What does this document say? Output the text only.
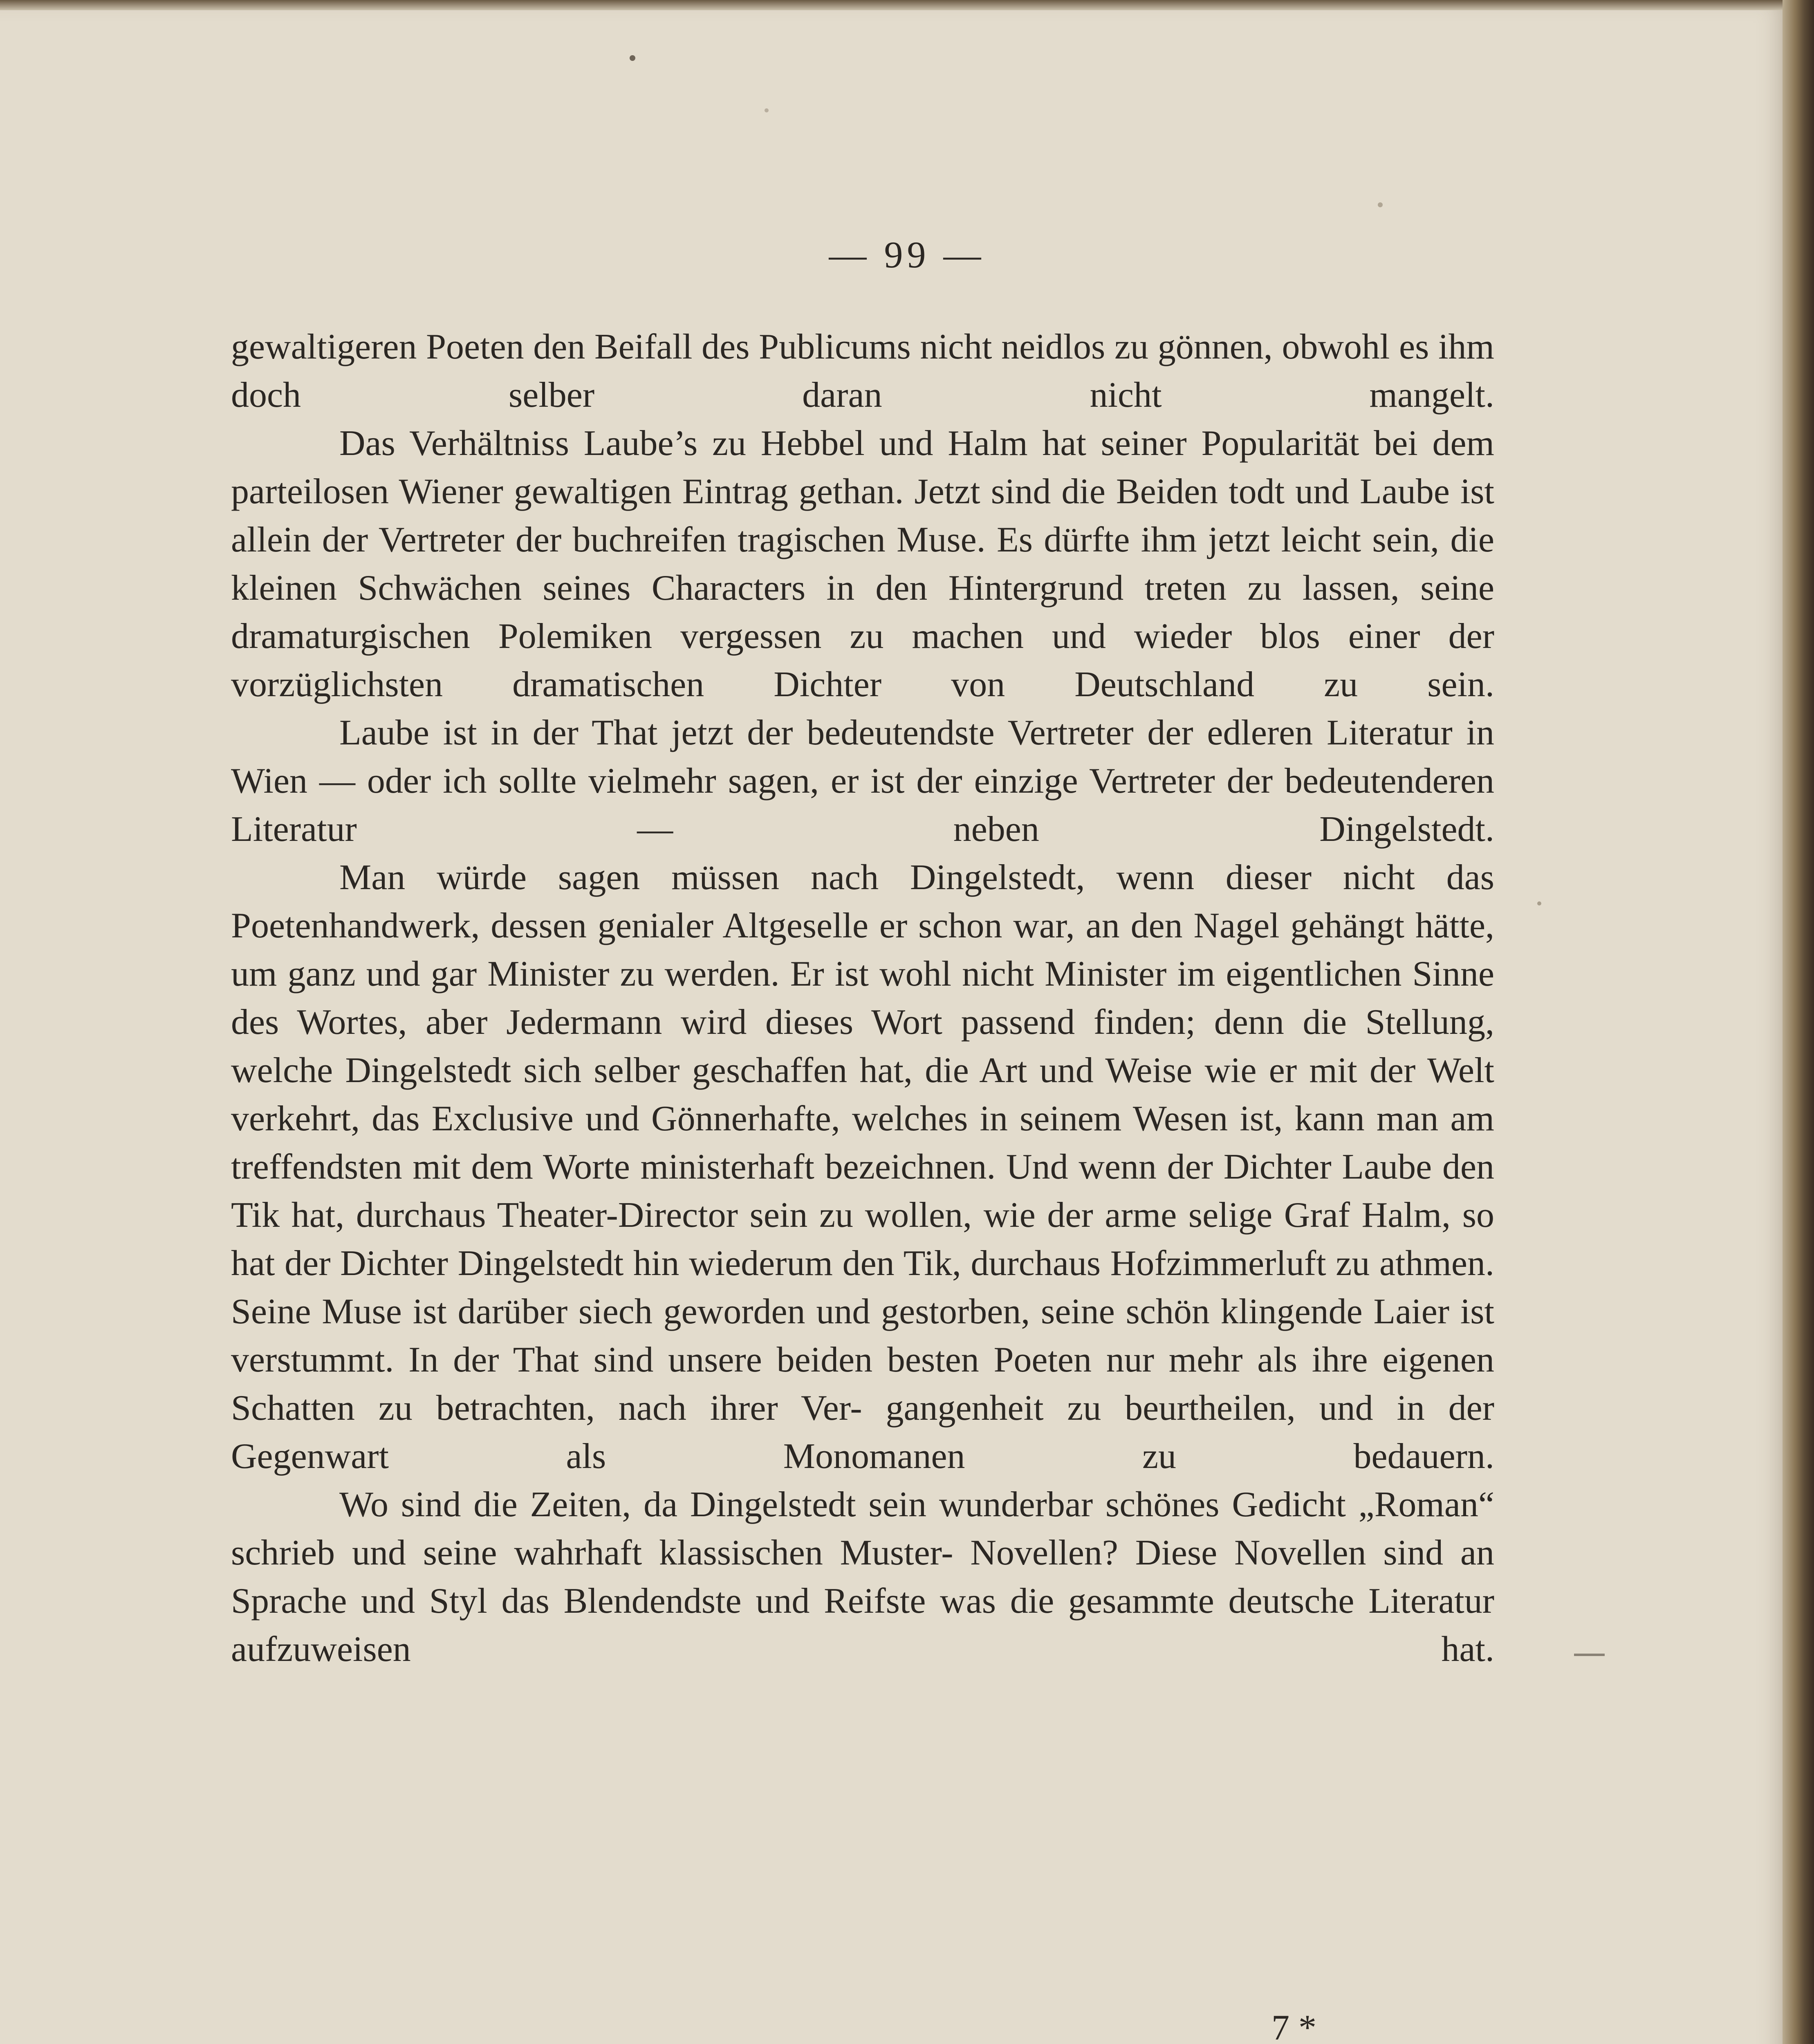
— 99 —

gewaltigeren Poeten den Beifall des Publicums nicht neidlos zu gönnen, obwohl es ihm doch selber daran nicht mangelt.

Das Verhältniss Laube’s zu Hebbel und Halm hat seiner Popularität bei dem parteilosen Wiener gewaltigen Eintrag gethan. Jetzt sind die Beiden todt und Laube ist allein der Vertreter der buchreifen tragischen Muse. Es dürfte ihm jetzt leicht sein, die kleinen Schwächen seines Characters in den Hintergrund treten zu lassen, seine dramaturgischen Polemiken vergessen zu machen und wieder blos einer der vorzüglichsten dramatischen Dichter von Deutschland zu sein.

Laube ist in der That jetzt der bedeutendste Vertreter der edleren Literatur in Wien — oder ich sollte vielmehr sagen, er ist der einzige Vertreter der bedeutenderen Literatur — neben Dingelstedt.

Man würde sagen müssen nach Dingelstedt, wenn dieser nicht das Poetenhandwerk, dessen genialer Altgeselle er schon war, an den Nagel gehängt hätte, um ganz und gar Minister zu werden. Er ist wohl nicht Minister im eigentlichen Sinne des Wortes, aber Jedermann wird dieses Wort passend finden; denn die Stellung, welche Dingelstedt sich selber geschaffen hat, die Art und Weise wie er mit der Welt verkehrt, das Exclusive und Gönnerhafte, welches in seinem Wesen ist, kann man am treffendsten mit dem Worte ministerhaft bezeichnen. Und wenn der Dichter Laube den Tik hat, durchaus Theater-Director sein zu wollen, wie der arme selige Graf Halm, so hat der Dichter Dingelstedt hin wiederum den Tik, durchaus Hofzimmerluft zu athmen. Seine Muse ist darüber siech geworden und gestorben, seine schön klingende Laier ist verstummt. In der That sind unsere beiden besten Poeten nur mehr als ihre eigenen Schatten zu betrachten, nach ihrer Ver- gangenheit zu beurtheilen, und in der Gegenwart als Monomanen	zu bedauern.

Wo sind die Zeiten, da Dingelstedt sein wunderbar schönes Gedicht „Roman“ schrieb und seine wahrhaft klassischen Muster- Novellen? Diese Novellen sind an Sprache und Styl das Blendendste und Reifste was die gesammte deutsche Literatur aufzuweisen hat.

7 *
